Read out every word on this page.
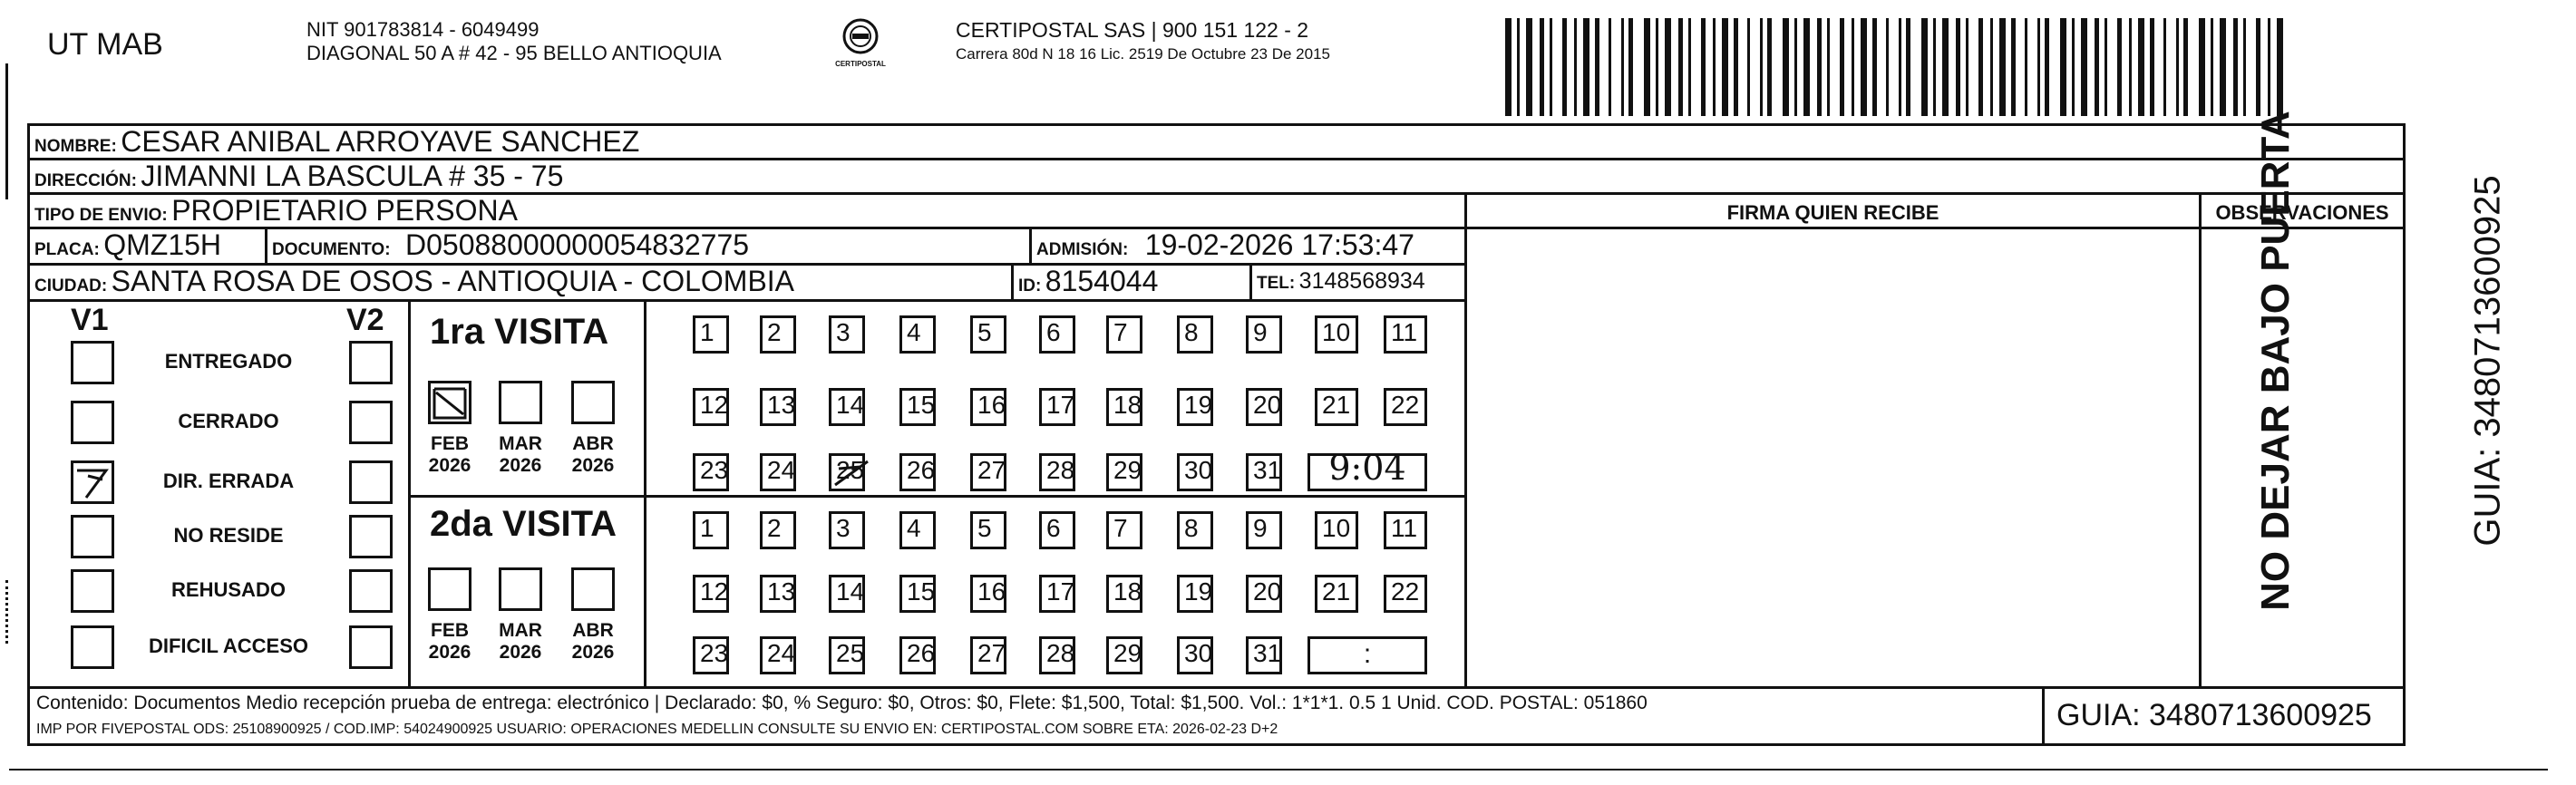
UT MAB	NIT 901783814 - 6049499
DIAGONAL 50 A # 42 - 95 BELLO ANTIOQUIA	CERTIPOSTAL
CERTIPOSTAL SAS | 900 151 122 - 2
Carrera 80d N 18 16 Lic. 2519 De Octubre 23 De 2015
NOMBRE: CESAR ANIBAL ARROYAVE SANCHEZ
DIRECCIÓN: JIMANNI LA BASCULA # 35 - 75
TIPO DE ENVIO: PROPIETARIO PERSONA
PLACA: QMZ15H	DOCUMENTO: D05088000000054832775	ADMISIÓN: 19-02-2026 17:53:47
CIUDAD: SANTA ROSA DE OSOS - ANTIOQUIA - COLOMBIA	ID: 8154044	TEL: 3148568934
FIRMA QUIEN RECIBE	OBSERVACIONES
V1	V2 1ra VISITA
2da VISITA
Contenido: Documentos Medio recepción prueba de entrega: electrónico | Declarado: $0, % Seguro: $0, Otros: $0, Flete: $1,500, Total: $1,500. Vol.: 1*1*1. 0.5 1 Unid. COD. POSTAL: 051860
IMP POR FIVEPOSTAL ODS: 25108900925 / COD.IMP: 54024900925 USUARIO: OPERACIONES MEDELLIN CONSULTE SU ENVIO EN: CERTIPOSTAL.COM SOBRE ETA: 2026-02-23 D+2	GUIA: 3480713600925
NO DEJAR BAJO PUERTA	GUIA: 3480713600925
ENTREGADO
CERRADO
DIR. ERRADA
NO RESIDE
REHUSADO
DIFICIL ACCESO
FEB
2026
MAR
2026
ABR
2026
FEB
2026
MAR
2026
ABR
2026
1 2 3 4 5 6 7 8 9 10 11
12 13 14 15 16 17 18 19 20 21 22
23 24 25 26 27 28 29 30 31	9:04
1 2 3 4 5 6 7 8 9 10 11
12 13 14 15 16 17 18 19 20 21 22
23 24 25 26 27 28 29 30 31	:
